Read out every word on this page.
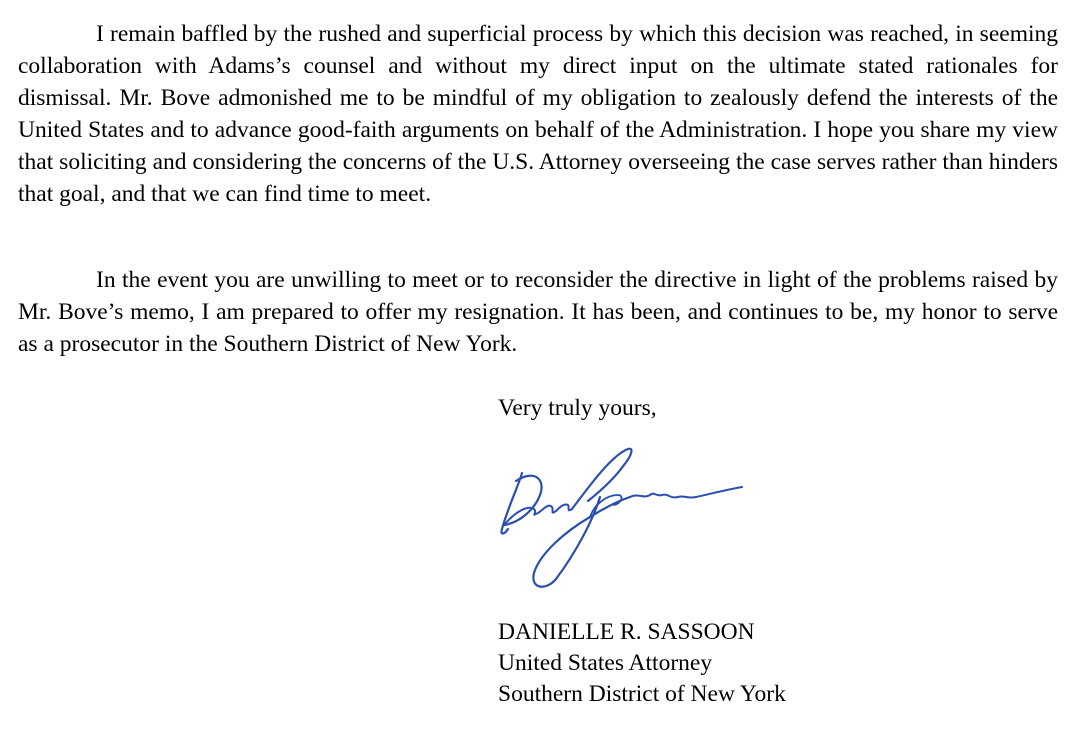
I remain baffled by the rushed and superficial process by which this decision was reached, in seeming collaboration with Adams’s counsel and without my direct input on the ultimate stated rationales for dismissal. Mr. Bove admonished me to be mindful of my obligation to zealously defend the interests of the United States and to advance good-faith arguments on behalf of the Administration. I hope you share my view that soliciting and considering the concerns of the U.S. Attorney overseeing the case serves rather than hinders that goal, and that we can find time to meet.

In the event you are unwilling to meet or to reconsider the directive in light of the problems raised by Mr. Bove’s memo, I am prepared to offer my resignation. It has been, and continues to be, my honor to serve as a prosecutor in the Southern District of New York.

Very truly yours,

DANIELLE R. SASSOON
United States Attorney
Southern District of New York
